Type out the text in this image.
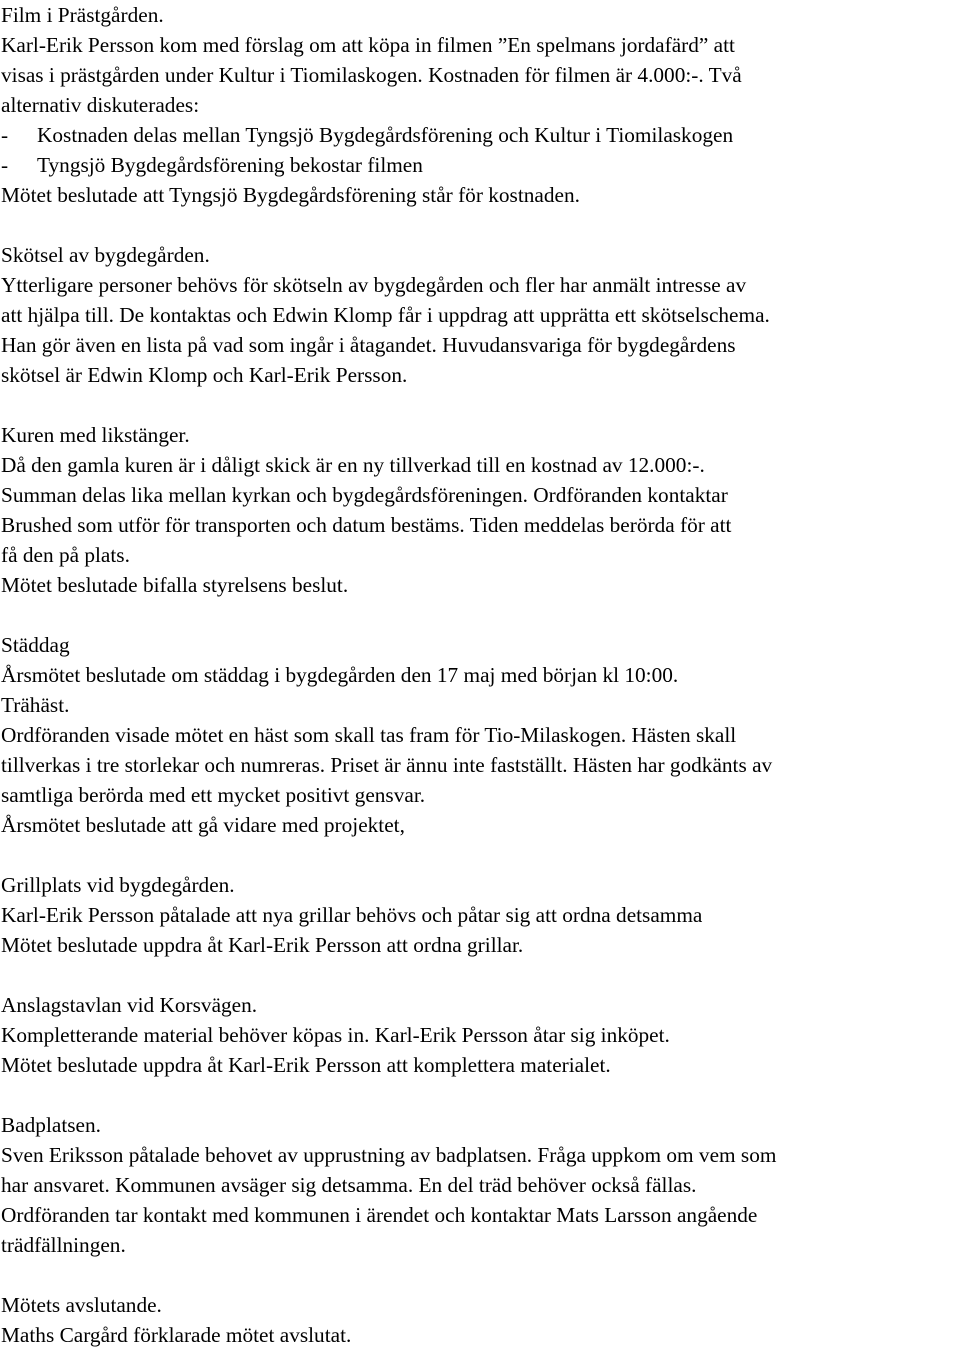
Film i Prästgården.
Karl-Erik Persson kom med förslag om att köpa in filmen ”En spelmans jordafärd” att
visas i prästgården under Kultur i Tiomilaskogen. Kostnaden för filmen är 4.000:-. Två
alternativ diskuterades:
- Kostnaden delas mellan Tyngsjö Bygdegårdsförening och Kultur i Tiomilaskogen
- Tyngsjö Bygdegårdsförening bekostar filmen
Mötet beslutade att Tyngsjö Bygdegårdsförening står för kostnaden.
Skötsel av bygdegården.
Ytterligare personer behövs för skötseln av bygdegården och fler har anmält intresse av
att hjälpa till. De kontaktas och Edwin Klomp får i uppdrag att upprätta ett skötselschema.
Han gör även en lista på vad som ingår i åtagandet. Huvudansvariga för bygdegårdens
skötsel är Edwin Klomp och Karl-Erik Persson.
Kuren med likstänger.
Då den gamla kuren är i dåligt skick är en ny tillverkad till en kostnad av 12.000:-.
Summan delas lika mellan kyrkan och bygdegårdsföreningen. Ordföranden kontaktar
Brushed som utför för transporten och datum bestäms. Tiden meddelas berörda för att
få den på plats.
Mötet beslutade bifalla styrelsens beslut.
Städdag
Årsmötet beslutade om städdag i bygdegården den 17 maj med början kl 10:00.
Trähäst.
Ordföranden visade mötet en häst som skall tas fram för Tio-Milaskogen. Hästen skall
tillverkas i tre storlekar och numreras. Priset är ännu inte fastställt. Hästen har godkänts av
samtliga berörda med ett mycket positivt gensvar.
Årsmötet beslutade att gå vidare med projektet,
Grillplats vid bygdegården.
Karl-Erik Persson påtalade att nya grillar behövs och påtar sig att ordna detsamma
Mötet beslutade uppdra åt Karl-Erik Persson att ordna grillar.
Anslagstavlan vid Korsvägen.
Kompletterande material behöver köpas in. Karl-Erik Persson åtar sig inköpet.
Mötet beslutade uppdra åt Karl-Erik Persson att komplettera materialet.
Badplatsen.
Sven Eriksson påtalade behovet av upprustning av badplatsen. Fråga uppkom om vem som
har ansvaret. Kommunen avsäger sig detsamma. En del träd behöver också fällas.
Ordföranden tar kontakt med kommunen i ärendet och kontaktar Mats Larsson angående
trädfällningen.
Mötets avslutande.
Maths Cargård förklarade mötet avslutat.
